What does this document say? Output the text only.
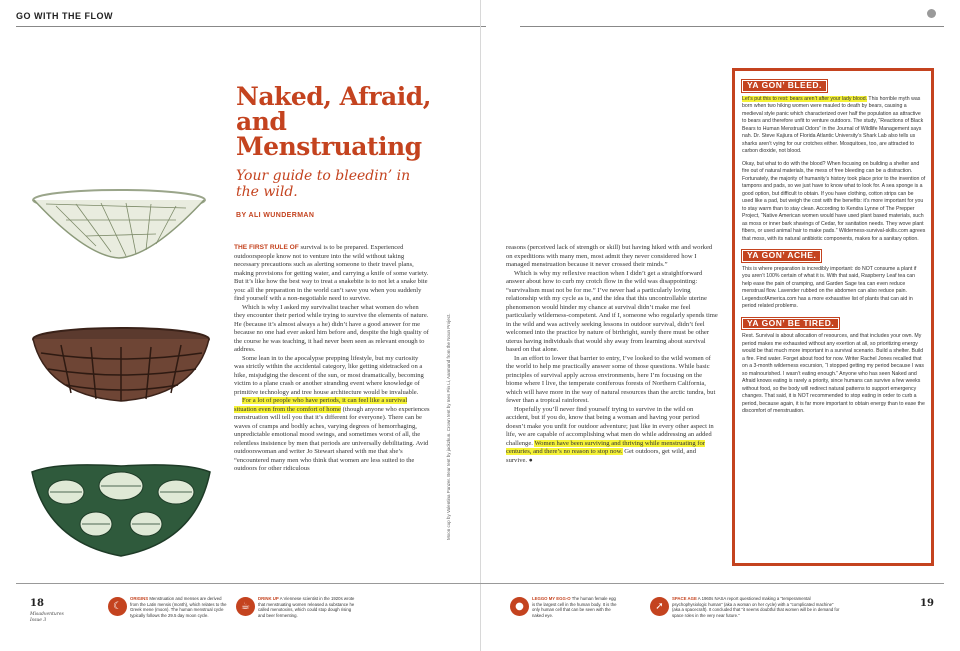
GO WITH THE FLOW
Naked, Afraid, and Menstruating
Your guide to bleedin’ in the wild.
BY ALI WUNDERMAN

THE FIRST RULE OF survival is to be prepared. Experienced outdoorspeople know not to venture into the wild without taking necessary precautions such as alerting someone to their travel plans, making provisions for getting water, and carrying a knife of some variety. But it’s like how the best way to treat a snakebite is to not let a snake bite you: all the preparation in the world can’t save you when you suddenly find yourself with a non-negotiable need to survive.

Which is why I asked my survivalist teacher what women do when they encounter their period while trying to survive the elements of nature. He (because it’s almost always a he) didn’t have a good answer for me because no one had ever asked him before and, despite the high quality of the course he was teaching, it had never been seen as relevant enough to address.

Some lean in to the apocalypse prepping lifestyle, but my curiosity was strictly within the accidental category, like getting sidetracked on a hike, misjudging the descent of the sun, or most dramatically, becoming victim to a plane crash or another stranding event where knowledge of primitive technology and tree house architecture would be invaluable.

For a lot of people who have periods, it can feel like a survival situation even from the comfort of home (though anyone who experiences menstruation will tell you that it’s different for everyone). There can be waves of cramps and bodily aches, varying degrees of hemorrhaging, unpredictable emotional mood swings, and sometimes worst of all, the relentless insistence by men that periods are universally debilitating. Avid outdoorswoman and writer Jo Stewart shared with me that she’s “encountered many men who think that women are less suited to the outdoors for other ridiculous	Moon cup by Valentina Panzer. Bear tent by jackzkun. Crown tent by Ines Pin Li, Aanmand from the Noun Project.

reasons (perceived lack of strength or skill) but having hiked with and worked on expeditions with many men, most admit they never considered how I managed menstruation because it never crossed their minds.”

Which is why my reflexive reaction when I didn’t get a straightforward answer about how to curb my crotch flow in the wild was disappointing: “survivalism must not be for me.” I’ve never had a particularly loving relationship with my cycle as is, and the idea that this uncontrollable uterine phenomenon would hinder my chance at survival didn’t make me feel particularly wilderness-competent. And if I, someone who regularly spends time in the wild and was actively seeking lessons in outdoor survival, didn’t feel welcomed into the practice by nature of birthright, surely there must be other uterus having individuals that would shy away from learning about survival based on that alone.

In an effort to lower that barrier to entry, I’ve looked to the wild women of the world to help me practically answer some of those questions. While basic principles of survival apply across environments, here I’m focusing on the biome where I live, the temperate coniferous forests of Northern California, which will have more in the way of natural resources than the arctic tundra, but fewer than a tropical rainforest.

Hopefully you’ll never find yourself trying to survive in the wild on accident, but if you do, know that being a woman and having your period doesn’t make you unfit for outdoor adventure; just like in every other aspect in life, we are capable of accomplishing what men do while addressing an added challenge. Women have been surviving and thriving while menstruating for centuries, and there’s no reason to stop now. Get outdoors, get wild, and survive. ●

YA GON’ BLEED.

Let’s put this to rest: bears aren’t after your lady blood. This horrible myth was born when two hiking women were mauled to death by bears, causing a medieval style panic which characterized over half the population as attractive to bears and therefore unfit to venture outdoors. The study, “Reactions of Black Bears to Human Menstrual Odors” in the Journal of Wildlife Management says nah. Dr. Steve Kajiura of Florida Atlantic University’s Shark Lab also tells us sharks aren’t vying for our crotches either. Mosquitoes, too, are attracted to carbon dioxide, not blood.

Okay, but what to do with the blood? When focusing on building a shelter and fire out of natural materials, the mess of free bleeding can be a distraction. Fortunately, the majority of humanity’s history took place prior to the invention of tampons and pads, so we just have to know what to look for. A sea sponge is a good option, but difficult to obtain. If you have clothing, cotton strips can be used like a pad, but weigh the cost with the benefits: it’s more important for you to stay warm than to stay clean. According to Kendra Lynne of The Prepper Project, “Native American women would have used plant based materials, such as moss or inner bark shavings of Cedar, for sanitation needs. They wove plant fibers, or used animal hair to make pads.” Wilderness-survival-skills.com agrees that moss, with its natural antibiotic components, makes for a sanitary option.

YA GON’ ACHE.

This is where preparation is incredibly important: do NOT consume a plant if you aren’t 100% certain of what it is. With that said, Raspberry Leaf tea can help ease the pain of cramping, and Garden Sage tea can even reduce menstrual flow. Lavender rubbed on the abdomen can also reduce pain. LegendsofAmerica.com has a more exhaustive list of plants that can aid in period related problems.

YA GON’ BE TIRED.

Rest. Survival is about allocation of resources, and that includes your own. My period makes me exhausted without any exertion at all, so prioritizing energy would be that much more important in a survival scenario. Build a shelter. Build a fire. Find water. Forget about food for now. Writer Rachel Jones recalled that on a 3-month wilderness excursion, “I stopped getting my period because I was so malnourished. I wasn’t eating enough.” Anyone who has seen Naked and Afraid knows eating is rarely a priority, since humans can survive a few weeks without food, so the body will redirect natural patterns to support emergency changes. That said, it is NOT recommended to stop eating in order to curb a period, because again, it is far more important to obtain energy than to ease the discomfort of menstruation.

18
Misadventures
Issue 3
19
☾
ORIGINS Menstruation and menses are derived from the Latin mensis (month), which relates to the Greek mene (moon). The human menstrual cycle typically follows the 29.5 day moon cycle.
☕
DRINK UP A Viennese scientist in the 1920s wrote that menstruating women released a substance he called menotoxins, which could stop dough rising and beer fermenting.
●
LEGGO MY EGG-O The human female egg is the largest cell in the human body. It is the only human cell that can be seen with the naked eye.
➚
SPACE AGE A 1960s NASA report questioned making a “temperamental psychophysiologic human” (aka a woman on her cycle) with a “complicated machine” (aka a spacecraft). It concluded that “it seems doubtful that women will be in demand for space roles in the very near future.”
